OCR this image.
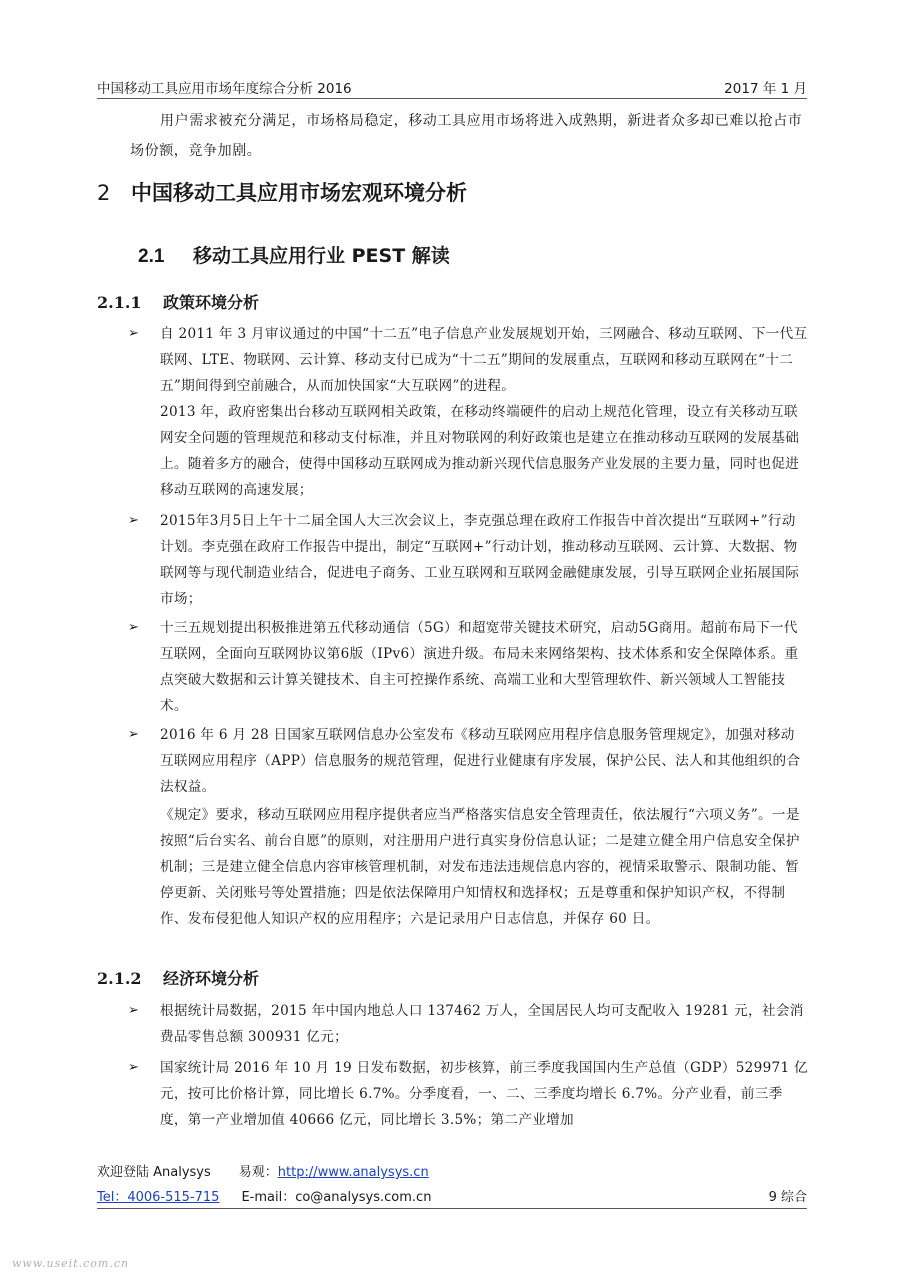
中国移动工具应用市场年度综合分析 2016	2017 年 1 月
用户需求被充分满足，市场格局稳定，移动工具应用市场将进入成熟期，新进者众多却已难以抢占市场份额，竞争加剧。
2 中国移动工具应用市场宏观环境分析
2.1 移动工具应用行业 PEST 解读
2.1.1 政策环境分析
➢ 自 2011 年 3 月审议通过的中国“十二五”电子信息产业发展规划开始，三网融合、移动互联网、下一代互联网、LTE、物联网、云计算、移动支付已成为“十二五”期间的发展重点，互联网和移动互联网在“十二五”期间得到空前融合，从而加快国家“大互联网”的进程。

2013 年，政府密集出台移动互联网相关政策，在移动终端硬件的启动上规范化管理，设立有关移动互联网安全问题的管理规范和移动支付标准，并且对物联网的利好政策也是建立在推动移动互联网的发展基础上。随着多方的融合，使得中国移动互联网成为推动新兴现代信息服务产业发展的主要力量，同时也促进移动互联网的高速发展；

➢ 2015年3月5日上午十二届全国人大三次会议上，李克强总理在政府工作报告中首次提出“互联网+”行动计划。李克强在政府工作报告中提出，制定“互联网+”行动计划，推动移动互联网、云计算、大数据、物联网等与现代制造业结合，促进电子商务、工业互联网和互联网金融健康发展，引导互联网企业拓展国际市场；

➢ 十三五规划提出积极推进第五代移动通信（5G）和超宽带关键技术研究，启动5G商用。超前布局下一代互联网，全面向互联网协议第6版（IPv6）演进升级。布局未来网络架构、技术体系和安全保障体系。重点突破大数据和云计算关键技术、自主可控操作系统、高端工业和大型管理软件、新兴领域人工智能技术。

➢ 2016 年 6 月 28 日国家互联网信息办公室发布《移动互联网应用程序信息服务管理规定》，加强对移动互联网应用程序（APP）信息服务的规范管理，促进行业健康有序发展，保护公民、法人和其他组织的合法权益。

《规定》要求，移动互联网应用程序提供者应当严格落实信息安全管理责任，依法履行“六项义务”。一是按照“后台实名、前台自愿”的原则，对注册用户进行真实身份信息认证；二是建立健全用户信息安全保护机制；三是建立健全信息内容审核管理机制，对发布违法违规信息内容的，视情采取警示、限制功能、暂停更新、关闭账号等处置措施；四是依法保障用户知情权和选择权；五是尊重和保护知识产权，不得制作、发布侵犯他人知识产权的应用程序；六是记录用户日志信息，并保存 60 日。
2.1.2 经济环境分析
➢ 根据统计局数据，2015 年中国内地总人口 137462 万人，全国居民人均可支配收入 19281 元，社会消费品零售总额 300931 亿元；

➢ 国家统计局 2016 年 10 月 19 日发布数据，初步核算，前三季度我国国内生产总值（GDP）529971 亿元，按可比价格计算，同比增长 6.7%。分季度看，一、二、三季度均增长 6.7%。分产业看，前三季度，第一产业增加值 40666 亿元，同比增长 3.5%；第二产业增加

欢迎登陆 Analysys 易观：http://www.analysys.cn
Tel：4006-515-715 E-mail：co@analysys.com.cn	9 综合
www.useit.com.cn
